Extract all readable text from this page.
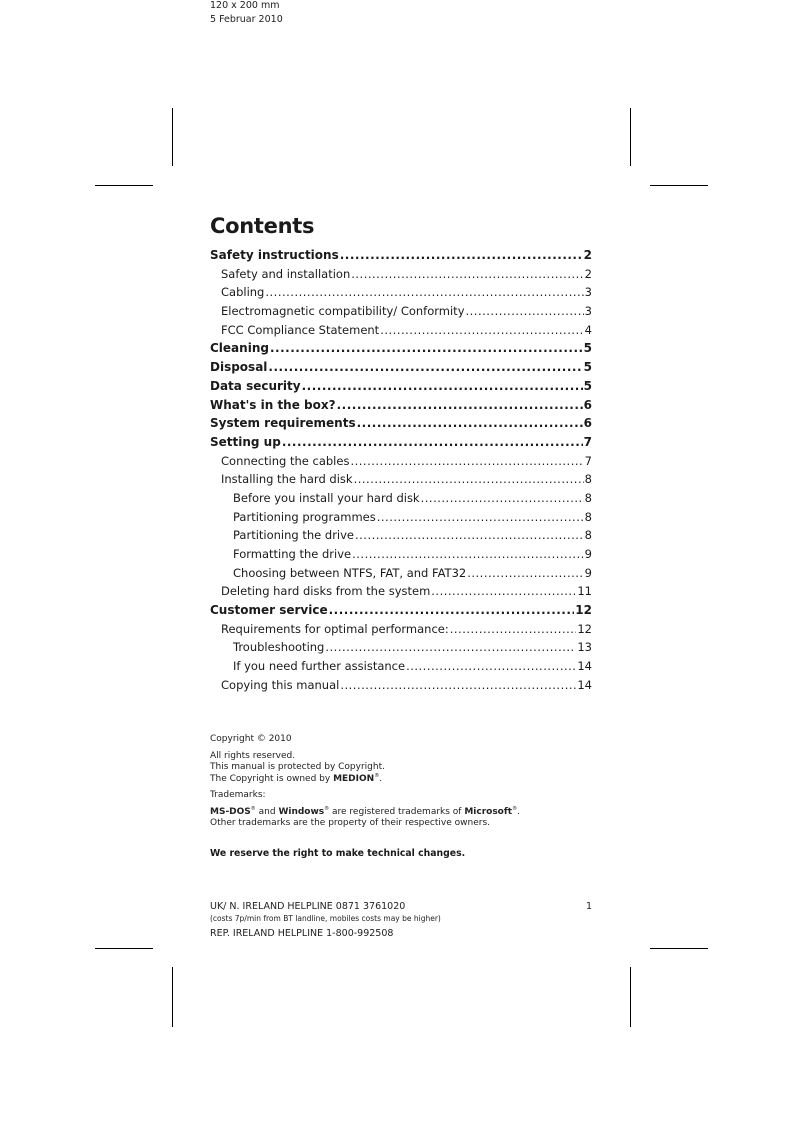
120 x 200 mm
5 Februar 2010
Contents
Safety instructions .....	2
Safety and installation .....	2
Cabling .....	3
Electromagnetic compatibility/ Conformity .....	3
FCC Compliance Statement .....	4
Cleaning .....	5
Disposal .....	5
Data security .....	5
What's in the box? .....	6
System requirements .....	6
Setting up .....	7
Connecting the cables .....	7
Installing the hard disk .....	8
Before you install your hard disk .....	8
Partitioning programmes .....	8
Partitioning the drive .....	8
Formatting the drive .....	9
Choosing between NTFS, FAT, and FAT32 .....	9
Deleting hard disks from the system .....	11
Customer service .....	12
Requirements for optimal performance: .....	12
Troubleshooting .....	13
If you need further assistance .....	14
Copying this manual .....	14

Copyright © 2010

All rights reserved.

This manual is protected by Copyright.

The Copyright is owned by MEDION®.

Trademarks:

MS-DOS® and Windows® are registered trademarks of Microsoft®.

Other trademarks are the property of their respective owners.

We reserve the right to make technical changes.
UK/ N. IRELAND HELPLINE 0871 3761020	1
(costs 7p/min from BT landline, mobiles costs may be higher)
REP. IRELAND HELPLINE 1-800-992508
